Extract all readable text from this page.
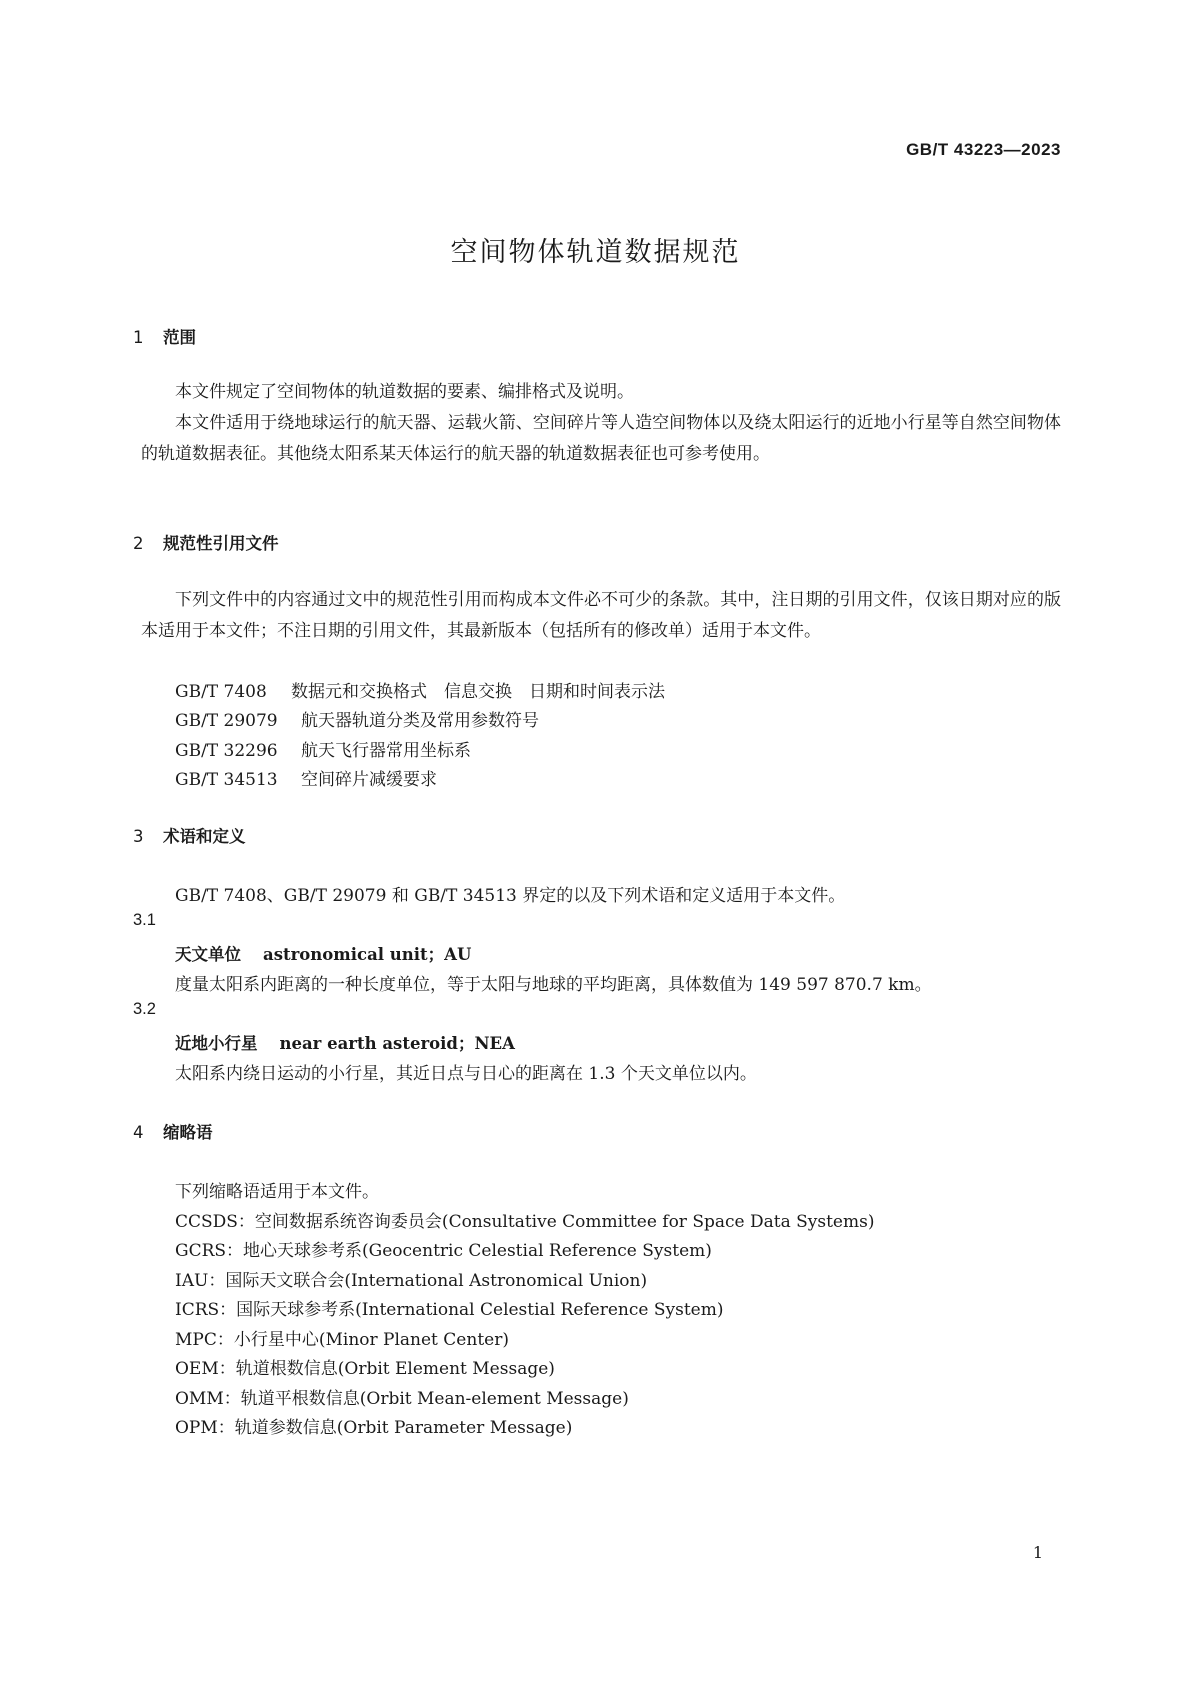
GB/T 43223—2023
空间物体轨道数据规范
1 范围
本文件规定了空间物体的轨道数据的要素、编排格式及说明。
本文件适用于绕地球运行的航天器、运载火箭、空间碎片等人造空间物体以及绕太阳运行的近地小行星等自然空间物体的轨道数据表征。其他绕太阳系某天体运行的航天器的轨道数据表征也可参考使用。
2 规范性引用文件
下列文件中的内容通过文中的规范性引用而构成本文件必不可少的条款。其中，注日期的引用文件，仅该日期对应的版本适用于本文件；不注日期的引用文件，其最新版本（包括所有的修改单）适用于本文件。
GB/T 7408 数据元和交换格式　信息交换　日期和时间表示法
GB/T 29079 航天器轨道分类及常用参数符号
GB/T 32296 航天飞行器常用坐标系
GB/T 34513 空间碎片减缓要求
3 术语和定义
GB/T 7408、GB/T 29079 和 GB/T 34513 界定的以及下列术语和定义适用于本文件。
3.1
天文单位 astronomical unit；AU
度量太阳系内距离的一种长度单位，等于太阳与地球的平均距离，具体数值为 149 597 870.7 km。
3.2
近地小行星 near earth asteroid；NEA
太阳系内绕日运动的小行星，其近日点与日心的距离在 1.3 个天文单位以内。
4 缩略语
下列缩略语适用于本文件。
CCSDS：空间数据系统咨询委员会(Consultative Committee for Space Data Systems)
GCRS：地心天球参考系(Geocentric Celestial Reference System)
IAU：国际天文联合会(International Astronomical Union)
ICRS：国际天球参考系(International Celestial Reference System)
MPC：小行星中心(Minor Planet Center)
OEM：轨道根数信息(Orbit Element Message)
OMM：轨道平根数信息(Orbit Mean-element Message)
OPM：轨道参数信息(Orbit Parameter Message)
1
